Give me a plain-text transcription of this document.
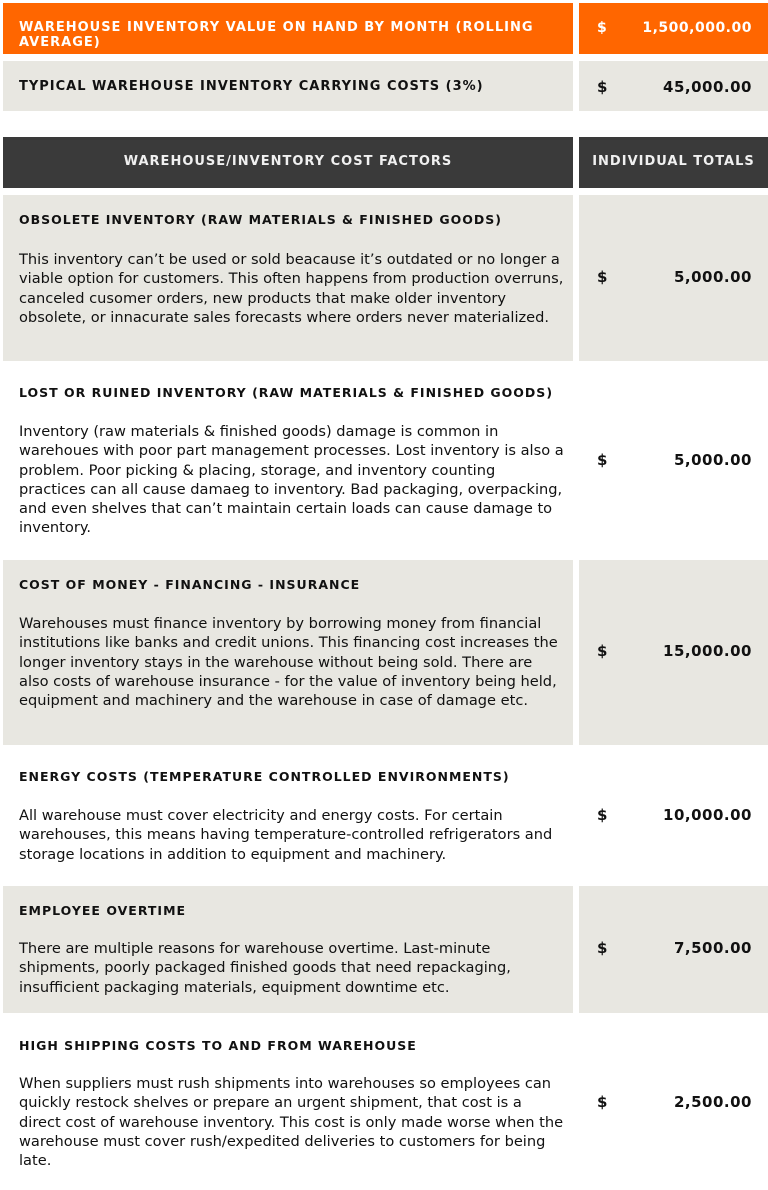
WAREHOUSE INVENTORY VALUE ON HAND BY MONTH (ROLLING AVERAGE)
$	1,500,000.00
TYPICAL WAREHOUSE INVENTORY CARRYING COSTS (3%)	$	45,000.00
WAREHOUSE/INVENTORY COST FACTORS	INDIVIDUAL TOTALS
OBSOLETE INVENTORY (RAW MATERIALS & FINISHED GOODS)
This inventory can’t be used or sold beacause it’s outdated or no longer a viable option for customers. This often happens from production overruns, canceled cusomer orders, new products that make older inventory obsolete, or innacurate sales forecasts where orders never materialized.
$	5,000.00
LOST OR RUINED INVENTORY (RAW MATERIALS & FINISHED GOODS)
Inventory (raw materials & finished goods) damage is common in warehoues with poor part management processes. Lost inventory is also a problem. Poor picking & placing, storage, and inventory counting practices can all cause damaeg to inventory. Bad packaging, overpacking, and even shelves that can’t maintain certain loads can cause damage to inventory.
$	5,000.00
COST OF MONEY - FINANCING - INSURANCE
Warehouses must finance inventory by borrowing money from financial institutions like banks and credit unions. This financing cost increases the longer inventory stays in the warehouse without being sold. There are also costs of warehouse insurance - for the value of inventory being held, equipment and machinery and the warehouse in case of damage etc.
$	15,000.00
ENERGY COSTS (TEMPERATURE CONTROLLED ENVIRONMENTS)
All warehouse must cover electricity and energy costs. For certain warehouses, this means having temperature-controlled refrigerators and storage locations in addition to equipment and machinery.
$	10,000.00
EMPLOYEE OVERTIME
There are multiple reasons for warehouse overtime. Last-minute shipments, poorly packaged finished goods that need repackaging, insufficient packaging materials, equipment downtime etc.
$	7,500.00
HIGH SHIPPING COSTS TO AND FROM WAREHOUSE
When suppliers must rush shipments into warehouses so employees can quickly restock shelves or prepare an urgent shipment, that cost is a direct cost of warehouse inventory. This cost is only made worse when the warehouse must cover rush/expedited deliveries to customers for being late.
$	2,500.00
